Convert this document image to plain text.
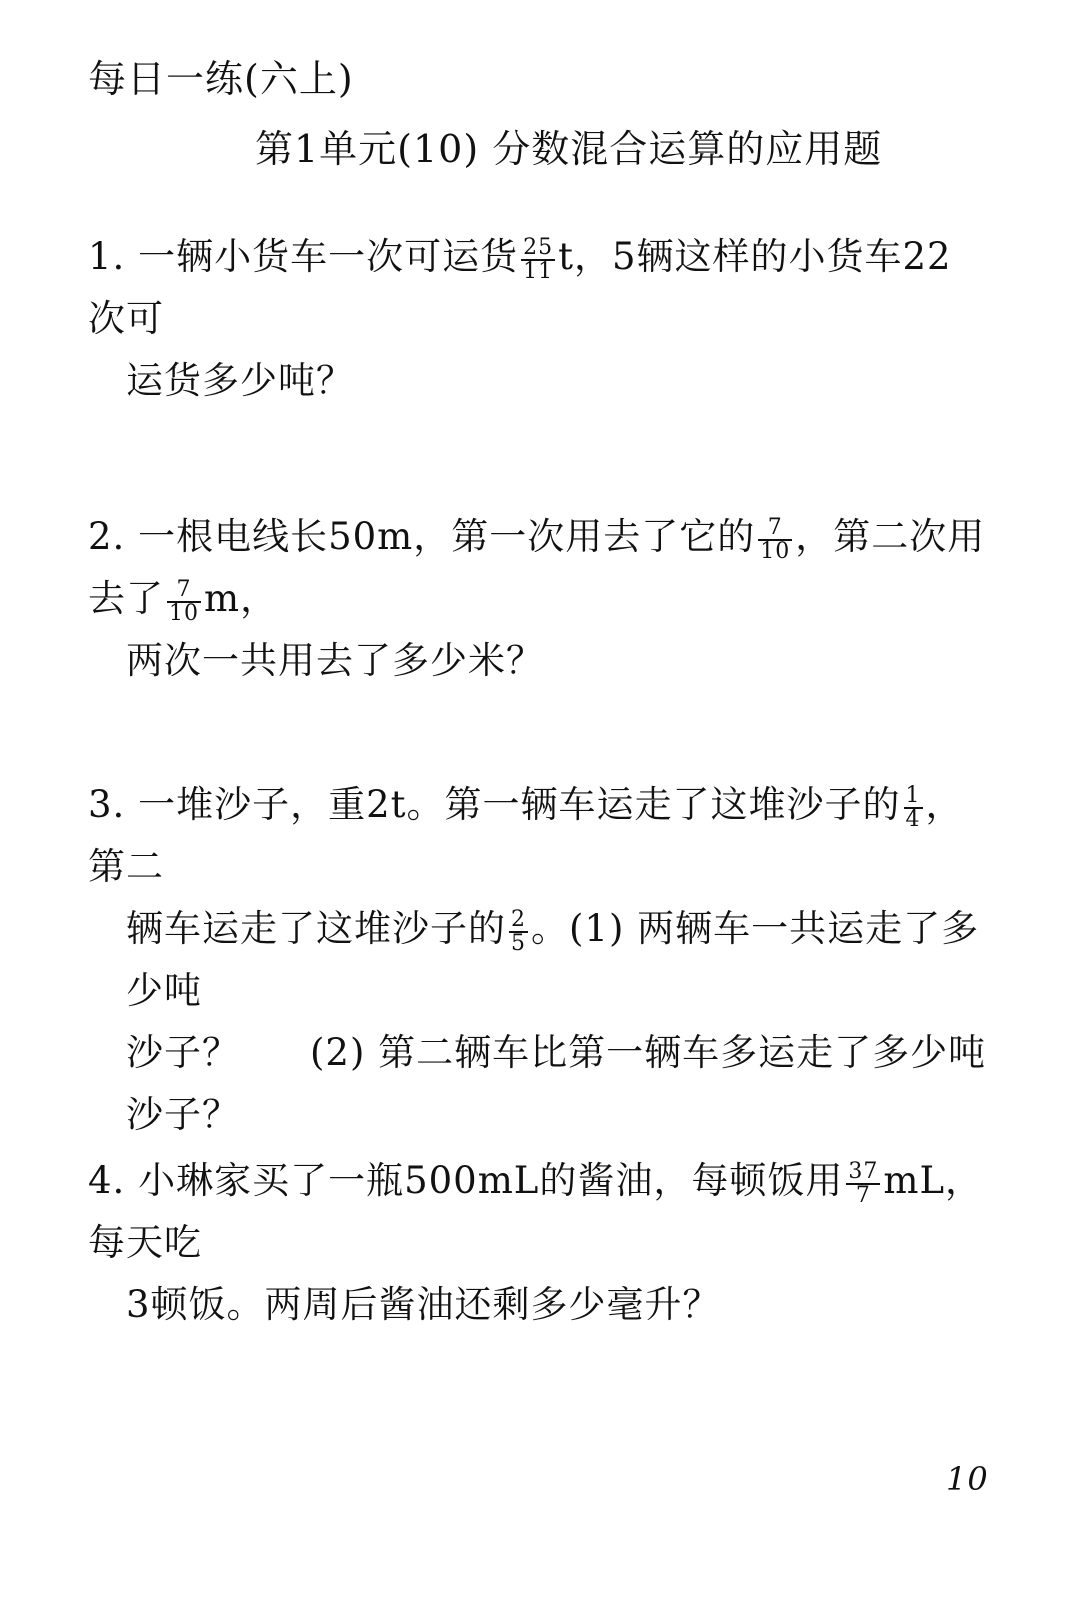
每日一练(六上)
第1单元(10) 分数混合运算的应用题
1. 一辆小货车一次可运货 $\frac{25}{11}$ t，5辆这样的小货车22次可
运货多少吨？
2. 一根电线长50m，第一次用去了它的 $\frac{7}{10}$ ，第二次用去了 $\frac{7}{10}$ m，
两次一共用去了多少米？
3. 一堆沙子，重2t。第一辆车运走了这堆沙子的 $\frac{1}{4}$ ，第二
辆车运走了这堆沙子的 $\frac{2}{5}$ 。(1) 两辆车一共运走了多少吨
沙子？ (2) 第二辆车比第一辆车多运走了多少吨沙子？
4. 小琳家买了一瓶500mL的酱油，每顿饭用 $\frac{37}{7}$ mL，每天吃
3顿饭。两周后酱油还剩多少毫升？
10
